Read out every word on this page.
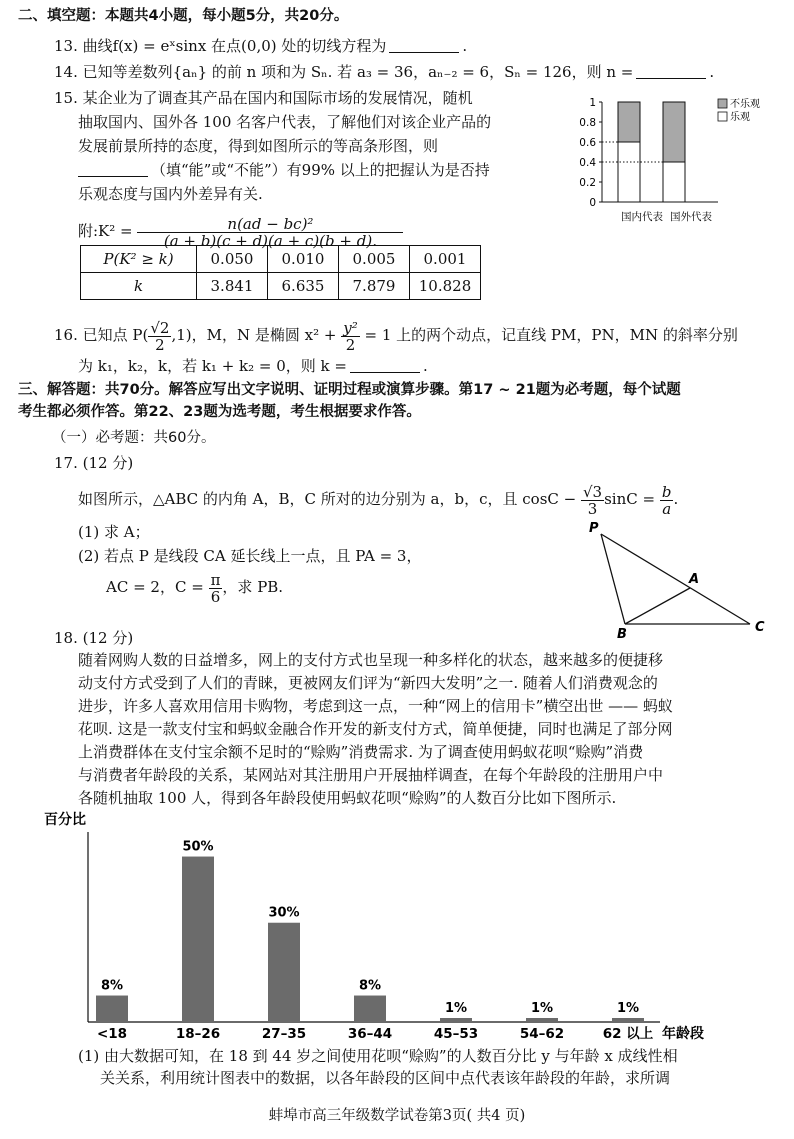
二、填空题：本题共4小题，每小题5分，共20分。
13. 曲线f(x) = eˣsinx 在点(0,0) 处的切线方程为	.
14. 已知等差数列{aₙ} 的前 n 项和为 Sₙ. 若 a₃ = 36，aₙ₋₂ = 6，Sₙ = 126，则 n =	.
15. 某企业为了调查其产品在国内和国际市场的发展情况，随机
抽取国内、国外各 100 名客户代表，了解他们对该企业产品的
发展前景所持的态度，得到如图所示的等高条形图，则
（填“能”或“不能”）有99% 以上的把握认为是否持
乐观态度与国内外差异有关.
附:K² = $\frac{\text{n(ad − bc)²}}{(a + b)(c + d)(a + c)(b + d).}$
P(K² ≥ k)	0.050	0.010	0.005	0.001
k	3.841	6.635	7.879	10.828
0
0.2
0.4
0.6
0.8
1	不乐观
乐观
国内代表 国外代表
16. 已知点 $P( \frac{√2}{2} ,1)$，M，N 是椭圆 $x^2 + \frac{\text{y²}}{2} = 1$ 上的两个动点，记直线 PM，PN，MN 的斜率分别
为 k₁，k₂，k，若 k₁ + k₂ = 0，则 k =	.
三、解答题：共70分。解答应写出文字说明、证明过程或演算步骤。第17 ~ 21题为必考题，每个试题
考生都必须作答。第22、23题为选考题，考生根据要求作答。
（一）必考题：共60分。
17. (12 分)
如图所示，△ABC 的内角 A，B，C 所对的边分别为 a，b，c，且 $\cos C - \frac{√3}{3}$ $\sin C = \frac{b}{a}$ .
(1) 求 A；
(2) 若点 P 是线段 CA 延长线上一点，且 PA = 3，
AC = 2，$C = \frac{\pi}{6}$ ，求 PB.
P
A
B	C
18. (12 分)
随着网购人数的日益增多，网上的支付方式也呈现一种多样化的状态，越来越多的便捷移
动支付方式受到了人们的青睐，更被网友们评为“新四大发明”之一. 随着人们消费观念的
进步，许多人喜欢用信用卡购物，考虑到这一点，一种“网上的信用卡”横空出世 —— 蚂蚁
花呗. 这是一款支付宝和蚂蚁金融合作开发的新支付方式，简单便捷，同时也满足了部分网
上消费群体在支付宝余额不足时的“赊购”消费需求. 为了调查使用蚂蚁花呗“赊购”消费
与消费者年龄段的关系，某网站对其注册用户开展抽样调查，在每个年龄段的注册用户中
各随机抽取 100 人，得到各年龄段使用蚂蚁花呗“赊购”的人数百分比如下图所示.
百分比
8%
<18
50%
18–26
30%
27–35
8%
36–44
1%
45–53
1%
54–62
1%
62 以上 年龄段
(1) 由大数据可知，在 18 到 44 岁之间使用花呗“赊购”的人数百分比 y 与年龄 x 成线性相
关关系，利用统计图表中的数据，以各年龄段的区间中点代表该年龄段的年龄，求所调
蚌埠市高三年级数学试卷第3页( 共4 页)
